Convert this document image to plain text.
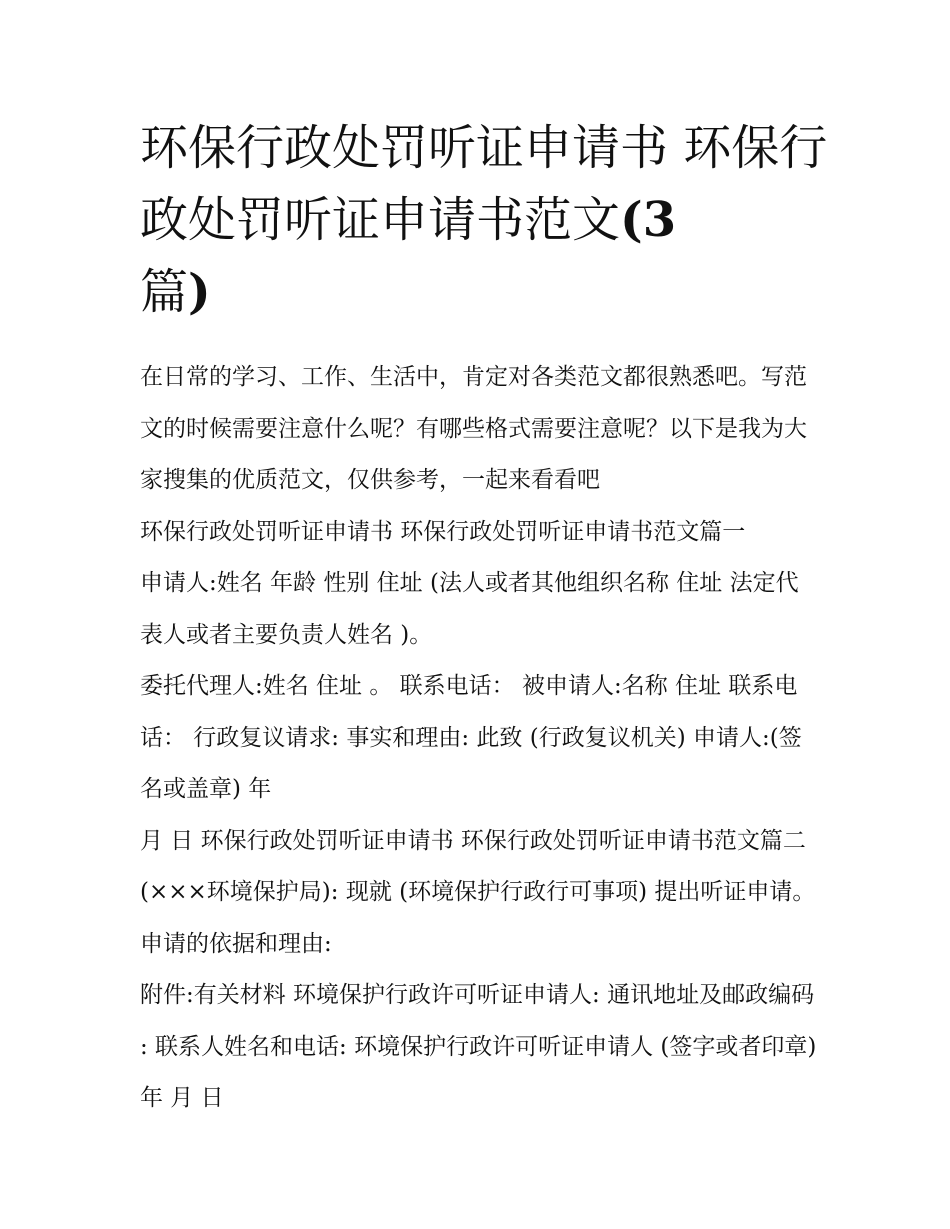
环保行政处罚听证申请书 环保行政处罚听证申请书范文(3
篇)

在日常的学习、工作、生活中，肯定对各类范文都很熟悉吧。写范文的时候需要注意什么呢？有哪些格式需要注意呢？以下是我为大家搜集的优质范文，仅供参考，一起来看看吧

环保行政处罚听证申请书 环保行政处罚听证申请书范文篇一

申请人:姓名 年龄 性别 住址 (法人或者其他组织名称 住址 法定代表人或者主要负责人姓名 )。

委托代理人:姓名 住址 。 联系电话： 被申请人:名称 住址 联系电话： 行政复议请求: 事实和理由: 此致 (行政复议机关) 申请人:(签名或盖章) 年

月 日 环保行政处罚听证申请书 环保行政处罚听证申请书范文篇二 (×××环境保护局): 现就 (环境保护行政行可事项) 提出听证申请。 申请的依据和理由:

附件:有关材料 环境保护行政许可听证申请人: 通讯地址及邮政编码 : 联系人姓名和电话: 环境保护行政许可听证申请人 (签字或者印章) 年 月 日
